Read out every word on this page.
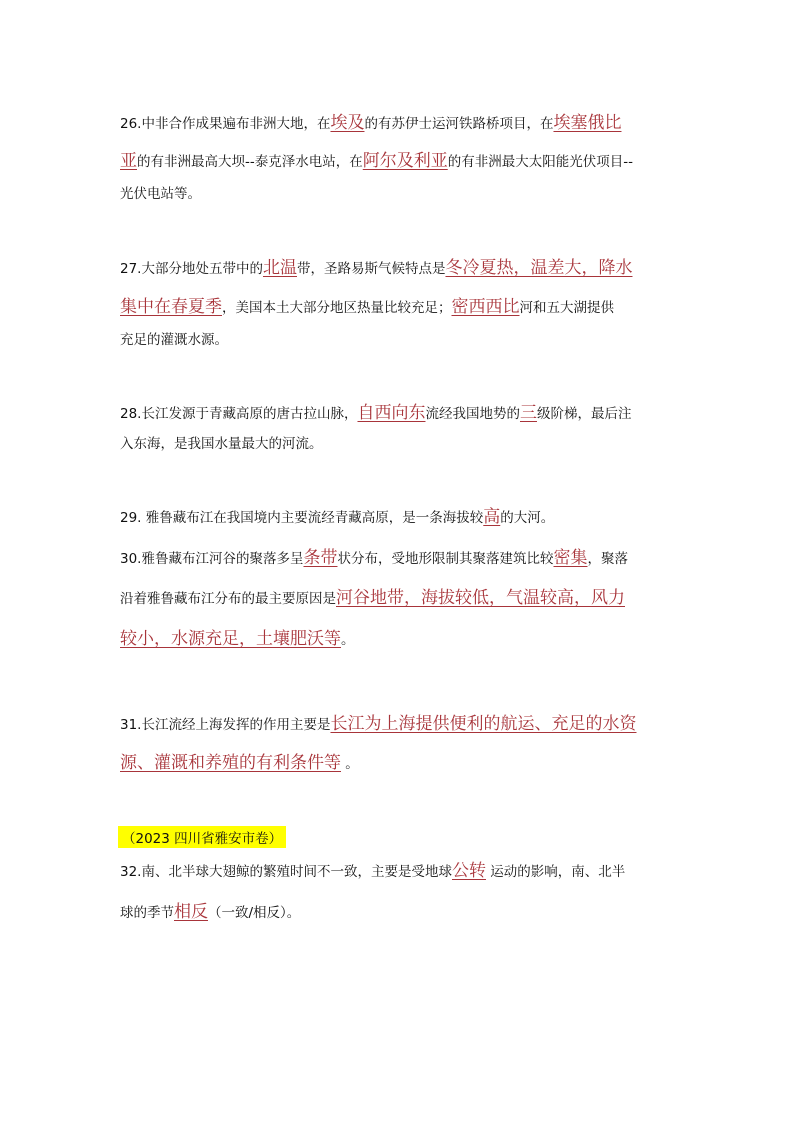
26.中非合作成果遍布非洲大地，在埃及的有苏伊士运河铁路桥项目，在埃塞俄比
亚的有非洲最高大坝--泰克泽水电站，在阿尔及利亚的有非洲最大太阳能光伏项目--
光伏电站等。
27.大部分地处五带中的北温带，圣路易斯气候特点是冬冷夏热，温差大，降水
集中在春夏季，美国本土大部分地区热量比较充足；密西西比河和五大湖提供
充足的灌溉水源。
28.长江发源于青藏高原的唐古拉山脉，自西向东流经我国地势的三级阶梯，最后注
入东海，是我国水量最大的河流。
29. 雅鲁藏布江在我国境内主要流经青藏高原，是一条海拔较高的大河。
30.雅鲁藏布江河谷的聚落多呈条带状分布，受地形限制其聚落建筑比较密集，聚落
沿着雅鲁藏布江分布的最主要原因是河谷地带，海拔较低，气温较高，风力
较小，水源充足，土壤肥沃等。
31.长江流经上海发挥的作用主要是长江为上海提供便利的航运、充足的水资
源、灌溉和养殖的有利条件等 。
（2023 四川省雅安市卷）
32.南、北半球大翅鲸的繁殖时间不一致，主要是受地球公转 运动的影响，南、北半
球的季节相反（一致/相反）。
